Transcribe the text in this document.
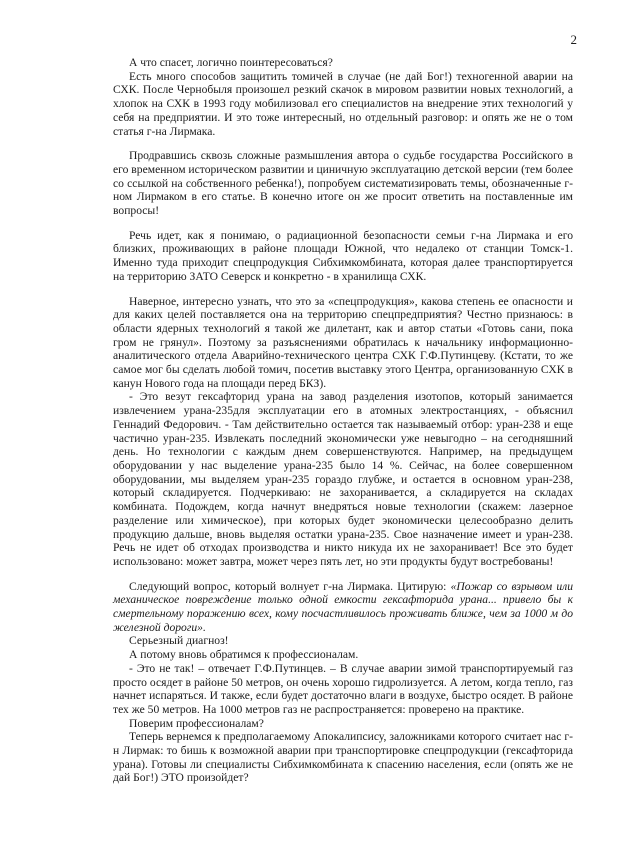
2

А что спасет, логично поинтересоваться?

Есть много способов защитить томичей в случае (не дай Бог!) техногенной аварии на СХК. После Чернобыля произошел резкий скачок в мировом развитии новых технологий, а хлопок на СХК в 1993 году мобилизовал его специалистов на внедрение этих технологий у себя на предприятии. И это тоже интересный, но отдельный разговор: и опять же не о том статья г-на Лирмака.

Продравшись сквозь сложные размышления автора о судьбе государства Российского в его временном историческом развитии и циничную эксплуатацию детской версии (тем более со ссылкой на собственного ребенка!), попробуем систематизировать темы, обозначенные г-ном Лирмаком в его статье. В конечно итоге он же просит ответить на поставленные им вопросы!

Речь идет, как я понимаю, о радиационной безопасности семьи г-на Лирмака и его близких, проживающих в районе площади Южной, что недалеко от станции Томск-1. Именно туда приходит спецпродукция Сибхимкомбината, которая далее транспортируется на территорию ЗАТО Северск и конкретно - в хранилища СХК.

Наверное, интересно узнать, что это за «спецпродукция», какова степень ее опасности и для каких целей поставляется она на территорию спецпредприятия? Честно признаюсь: в области ядерных технологий я такой же дилетант, как и автор статьи «Готовь сани, пока гром не грянул». Поэтому за разъяснениями обратилась к начальнику информационно-аналитического отдела Аварийно-технического центра СХК Г.Ф.Путинцеву. (Кстати, то же самое мог бы сделать любой томич, посетив выставку этого Центра, организованную СХК в канун Нового года на площади перед БКЗ).

- Это везут гексафторид урана на завод разделения изотопов, который занимается извлечением урана-235для эксплуатации его в атомных электростанциях, - объяснил Геннадий Федорович. - Там действительно остается так называемый отбор: уран-238 и еще частично уран-235. Извлекать последний экономически уже невыгодно – на сегодняшний день. Но технологии с каждым днем совершенствуются. Например, на предыдущем оборудовании у нас выделение урана-235 было 14 %. Сейчас, на более совершенном оборудовании, мы выделяем уран-235 гораздо глубже, и остается в основном уран-238, который складируется. Подчеркиваю: не захоранивается, а складируется на складах комбината. Подождем, когда начнут внедряться новые технологии (скажем: лазерное разделение или химическое), при которых будет экономически целесообразно делить продукцию дальше, вновь выделяя остатки урана-235. Свое назначение имеет и уран-238. Речь не идет об отходах производства и никто никуда их не захоранивает! Все это будет использовано: может завтра, может через пять лет, но эти продукты будут востребованы!

Следующий вопрос, который волнует г-на Лирмака. Цитирую: «Пожар со взрывом или механическое повреждение только одной емкости гексафторида урана... привело бы к смертельному поражению всех, кому посчастливилось проживать ближе, чем за 1000 м до железной дороги».

Серьезный диагноз!

А потому вновь обратимся к профессионалам.

- Это не так! – отвечает Г.Ф.Путинцев. – В случае аварии зимой транспортируемый газ просто осядет в районе 50 метров, он очень хорошо гидролизуется. А летом, когда тепло, газ начнет испаряться. И также, если будет достаточно влаги в воздухе, быстро осядет. В районе тех же 50 метров. На 1000 метров газ не распространяется: проверено на практике.

Поверим профессионалам?

Теперь вернемся к предполагаемому Апокалипсису, заложниками которого считает нас г-н Лирмак: то бишь к возможной аварии при транспортировке спецпродукции (гексафторида урана). Готовы ли специалисты Сибхимкомбината к спасению населения, если (опять же не дай Бог!) ЭТО произойдет?
